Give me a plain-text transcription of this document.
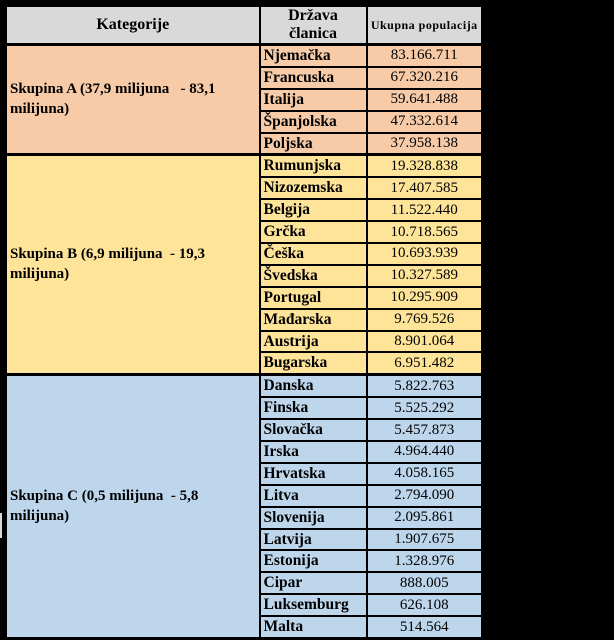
Kategorije	Država članica	Ukupna populacija
Skupina A (37,9 milijuna   - 83,1 milijuna)	Njemačka	83.166.711
	Francuska	67.320.216
	Italija	59.641.488
	Španjolska	47.332.614
	Poljska	37.958.138
Skupina B (6,9 milijuna  - 19,3 milijuna)	Rumunjska	19.328.838
	Nizozemska	17.407.585
	Belgija	11.522.440
	Grčka	10.718.565
	Češka	10.693.939
	Švedska	10.327.589
	Portugal	10.295.909
	Mađarska	9.769.526
	Austrija	8.901.064
	Bugarska	6.951.482
Skupina C (0,5 milijuna  - 5,8 milijuna)	Danska	5.822.763
	Finska	5.525.292
	Slovačka	5.457.873
	Irska	4.964.440
	Hrvatska	4.058.165
	Litva	2.794.090
	Slovenija	2.095.861
	Latvija	1.907.675
	Estonija	1.328.976
	Cipar	888.005
	Luksemburg	626.108
	Malta	514.564
